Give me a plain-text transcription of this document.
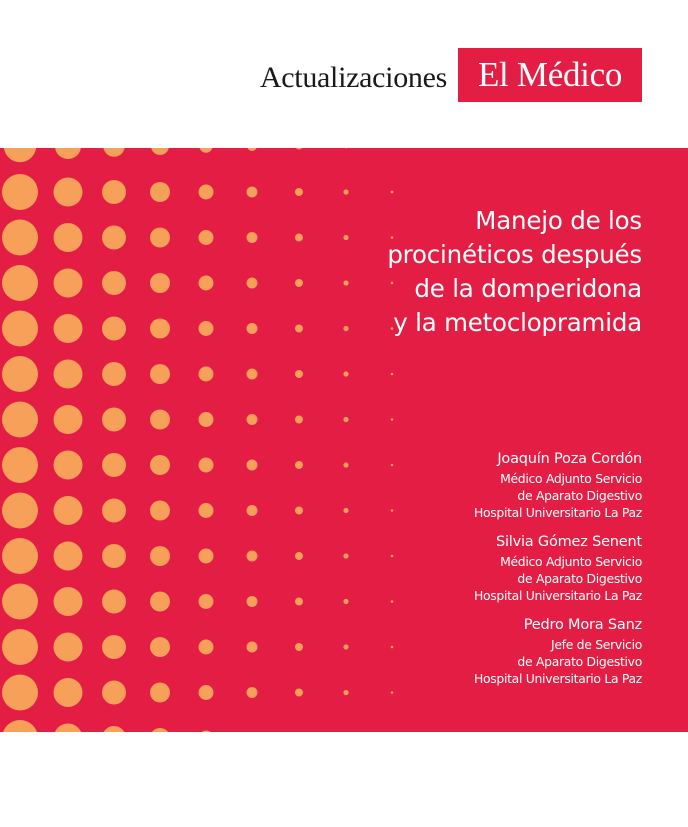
Actualizaciones El Médico
Manejo de los
procinéticos después
de la domperidona
y la metoclopramida
Joaquín Poza Cordón
Médico Adjunto Servicio
de Aparato Digestivo
Hospital Universitario La Paz
Silvia Gómez Senent
Médico Adjunto Servicio
de Aparato Digestivo
Hospital Universitario La Paz
Pedro Mora Sanz
Jefe de Servicio
de Aparato Digestivo
Hospital Universitario La Paz
